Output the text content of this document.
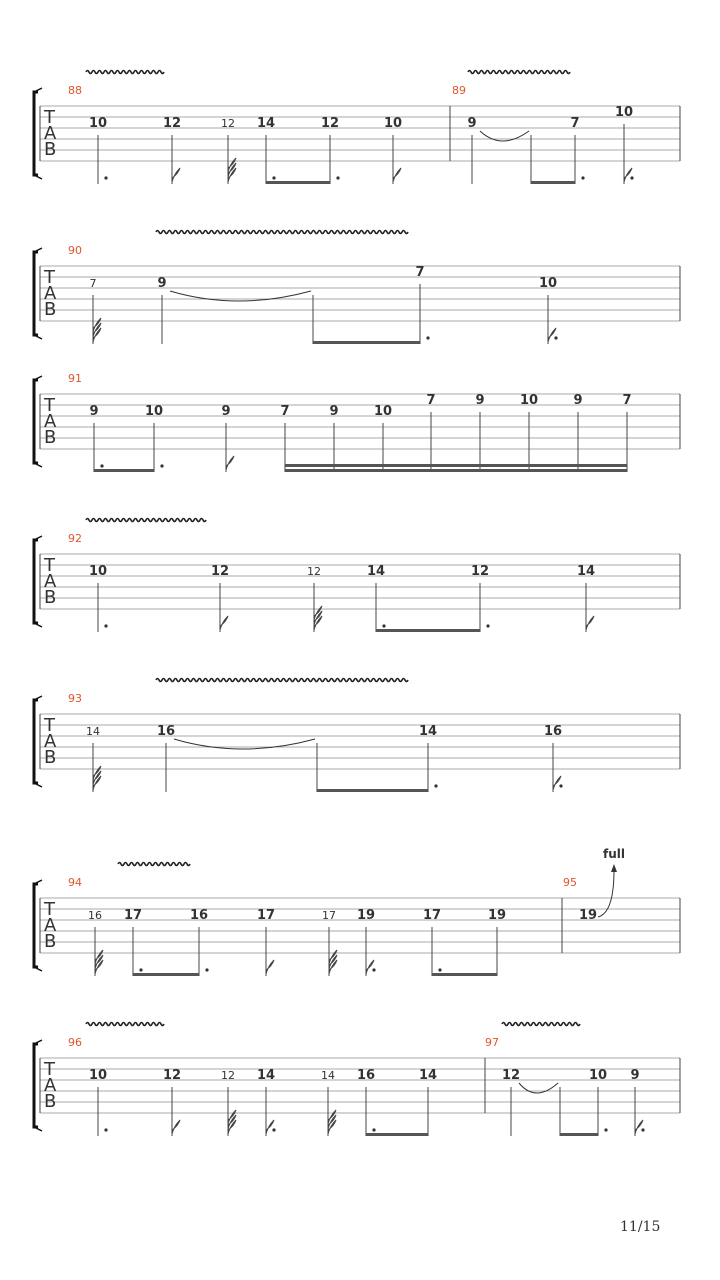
T
A
B
88
10	12	12 14	12	10
89
9	7
10
T
A
B
90
7	9
7
10
T
A
B
91
9	10	9	7	9	10
7	9	10	9	7
T
A
B
92
10	12	12	14	12	14
T
A
B
93
14	16	14	16
T
A
B
94
16 17	16	17	17 19	17	19
95
19
full
T
A
B
96
10	12	12 14	14 16	14
97
12	10 9
11/15
